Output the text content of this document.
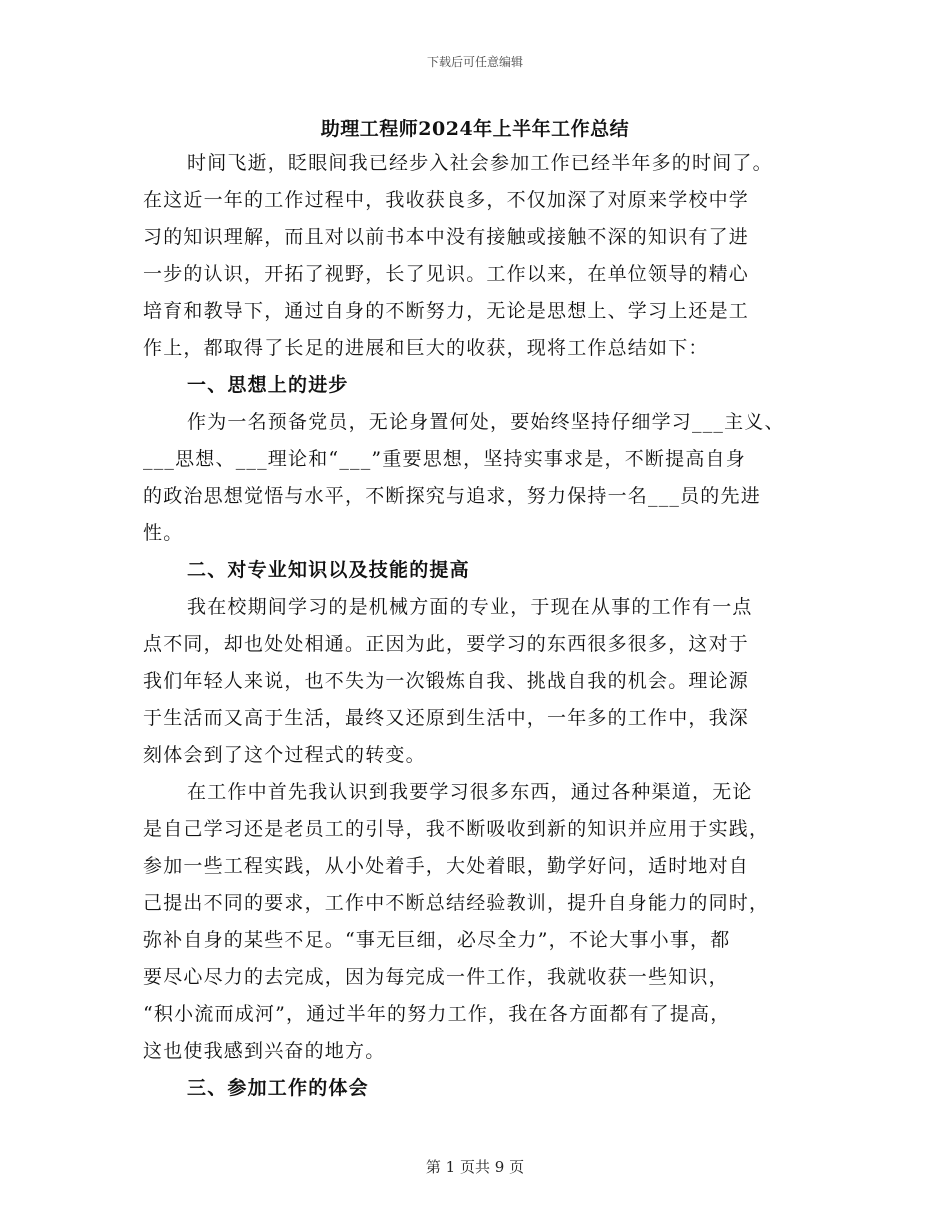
下载后可任意编辑
助理工程师2024年上半年工作总结
时间飞逝，眨眼间我已经步入社会参加工作已经半年多的时间了。
在这近一年的工作过程中，我收获良多，不仅加深了对原来学校中学
习的知识理解，而且对以前书本中没有接触或接触不深的知识有了进
一步的认识，开拓了视野，长了见识。工作以来，在单位领导的精心
培育和教导下，通过自身的不断努力，无论是思想上、学习上还是工
作上，都取得了长足的进展和巨大的收获，现将工作总结如下：
一、思想上的进步
作为一名预备党员，无论身置何处，要始终坚持仔细学习___主义、
___思想、___理论和“___”重要思想，坚持实事求是，不断提高自身
的政治思想觉悟与水平，不断探究与追求，努力保持一名___员的先进
性。
二、对专业知识以及技能的提高
我在校期间学习的是机械方面的专业，于现在从事的工作有一点
点不同，却也处处相通。正因为此，要学习的东西很多很多，这对于
我们年轻人来说，也不失为一次锻炼自我、挑战自我的机会。理论源
于生活而又高于生活，最终又还原到生活中，一年多的工作中，我深
刻体会到了这个过程式的转变。
在工作中首先我认识到我要学习很多东西，通过各种渠道，无论
是自己学习还是老员工的引导，我不断吸收到新的知识并应用于实践，
参加一些工程实践，从小处着手，大处着眼，勤学好问，适时地对自
己提出不同的要求，工作中不断总结经验教训，提升自身能力的同时，
弥补自身的某些不足。“事无巨细，必尽全力”，不论大事小事，都
要尽心尽力的去完成，因为每完成一件工作，我就收获一些知识，
“积小流而成河”，通过半年的努力工作，我在各方面都有了提高，
这也使我感到兴奋的地方。
三、参加工作的体会
第 1 页共 9 页
